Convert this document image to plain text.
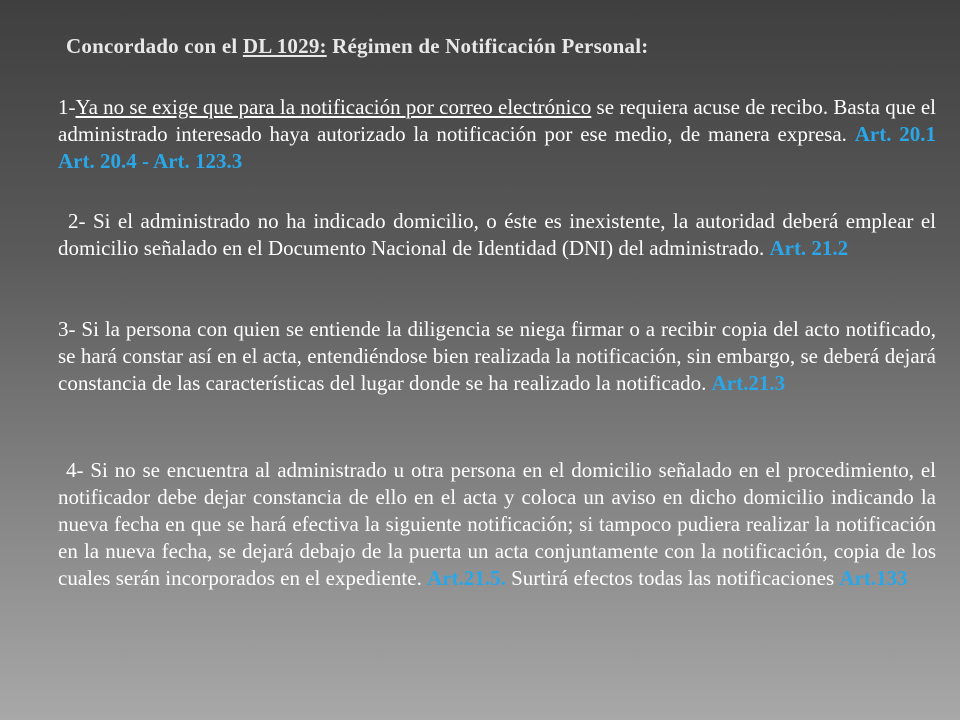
Concordado con el DL 1029: Régimen de Notificación Personal:
1-Ya no se exige que para la notificación por correo electrónico se requiera acuse de recibo. Basta que el administrado interesado haya autorizado la notificación por ese medio, de manera expresa. Art. 20.1 Art. 20.4 - Art. 123.3
2- Si el administrado no ha indicado domicilio, o éste es inexistente, la autoridad deberá emplear el domicilio señalado en el Documento Nacional de Identidad (DNI) del administrado. Art. 21.2
3- Si la persona con quien se entiende la diligencia se niega firmar o a recibir copia del acto notificado, se hará constar así en el acta, entendiéndose bien realizada la notificación, sin embargo, se deberá dejará constancia de las características del lugar donde se ha realizado la notificado. Art.21.3
4- Si no se encuentra al administrado u otra persona en el domicilio señalado en el procedimiento, el notificador debe dejar constancia de ello en el acta y coloca un aviso en dicho domicilio indicando la nueva fecha en que se hará efectiva la siguiente notificación; si tampoco pudiera realizar la notificación en la nueva fecha, se dejará debajo de la puerta un acta conjuntamente con la notificación, copia de los cuales serán incorporados en el expediente. Art.21.5. Surtirá efectos todas las notificaciones Art.133
